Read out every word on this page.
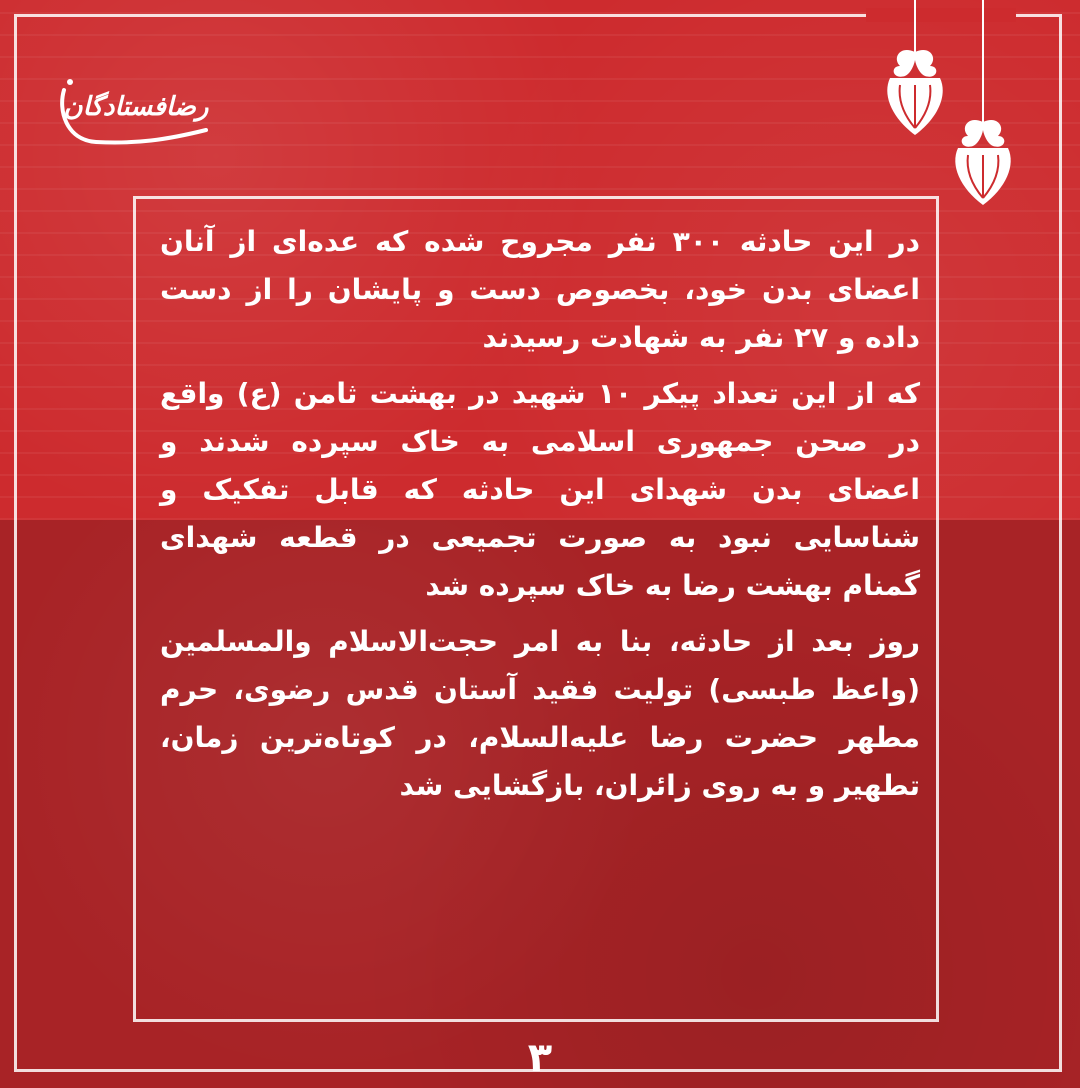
رضافستادگان

در این حادثه ۳۰۰ نفر مجروح شده که عده‌ای از آنان اعضای بدن خود، بخصوص دست و پایشان را از دست داده و ۲۷ نفر به شهادت رسیدند

که از این تعداد پیکر ۱۰ شهید در بهشت ثامن (ع) واقع در صحن جمهوری اسلامی به خاک سپرده شدند و اعضای بدن شهدای این حادثه که قابل تفکیک و شناسایی نبود به صورت تجمیعی در قطعه شهدای گمنام بهشت رضا به خاک سپرده شد

روز بعد از حادثه، بنا به امر حجت‌الاسلام والمسلمین (واعظ طبسی) تولیت فقید آستان قدس رضوی، حرم مطهر حضرت رضا علیه‌السلام، در کوتاه‌ترین زمان، تطهیر و به روی زائران، بازگشایی شد

۳
